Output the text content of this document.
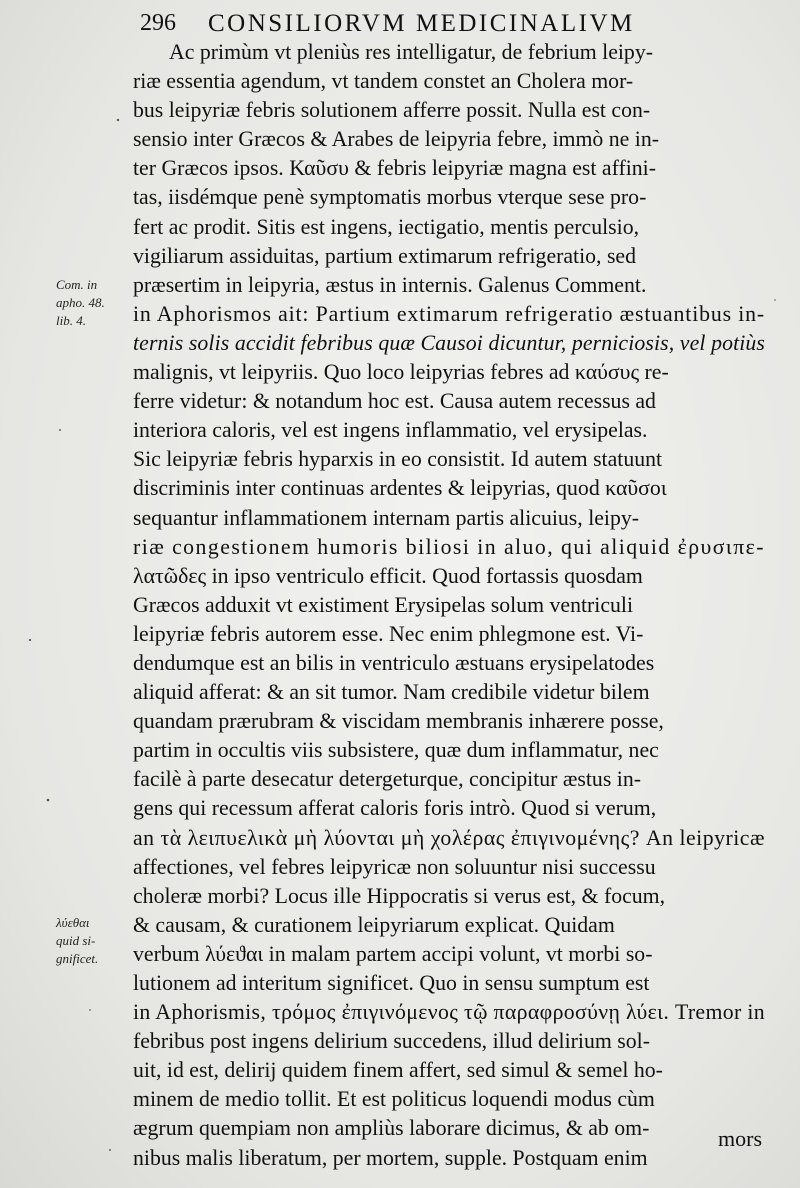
296 CONSILIORVM MEDICINALIVM
Com. in
apho. 48.
lib. 4.
λύεθαι
quid si-
gnificet.
Ac primùm vt pleniùs res intelligatur, de febrium leipy-
riæ essentia agendum, vt tandem constet an Cholera mor-
bus leipyriæ febris solutionem afferre possit. Nulla est con-
sensio inter Græcos & Arabes de leipyria febre, immò ne in-
ter Græcos ipsos. Καῦσυ & febris leipyriæ magna est affini-
tas, iisdémque penè symptomatis morbus vterque sese pro-
fert ac prodit. Sitis est ingens, iectigatio, mentis perculsio,
vigiliarum assiduitas, partium extimarum refrigeratio, sed
præsertim in leipyria, æstus in internis. Galenus Comment.
in Aphorismos ait: Partium extimarum refrigeratio æstuantibus in-
ternis solis accidit febribus quæ Causoi dicuntur, perniciosis, vel potiùs
malignis, vt leipyriis. Quo loco leipyrias febres ad καύσυς re-
ferre videtur: & notandum hoc est. Causa autem recessus ad
interiora caloris, vel est ingens inflammatio, vel erysipelas.
Sic leipyriæ febris hyparxis in eo consistit. Id autem statuunt
discriminis inter continuas ardentes & leipyrias, quod καῦσοι
sequantur inflammationem internam partis alicuius, leipy-
riæ congestionem humoris biliosi in aluo, qui aliquid ἐρυσιπε-
λατῶδες in ipso ventriculo efficit. Quod fortassis quosdam
Græcos adduxit vt existiment Erysipelas solum ventriculi
leipyriæ febris autorem esse. Nec enim phlegmone est. Vi-
dendumque est an bilis in ventriculo æstuans erysipelatodes
aliquid afferat: & an sit tumor. Nam credibile videtur bilem
quandam prærubram & viscidam membranis inhærere posse,
partim in occultis viis subsistere, quæ dum inflammatur, nec
facilè à parte desecatur detergeturque, concipitur æstus in-
gens qui recessum afferat caloris foris intrò. Quod si verum,
an τὰ λειπυελικὰ μὴ λύονται μὴ χολέρας ἐπιγινομένης? An leipyricæ
affectiones, vel febres leipyricæ non soluuntur nisi successu
choleræ morbi? Locus ille Hippocratis si verus est, & focum,
& causam, & curationem leipyriarum explicat. Quidam
verbum λύεϑαι in malam partem accipi volunt, vt morbi so-
lutionem ad interitum significet. Quo in sensu sumptum est
in Aphorismis, τρόμος ἐπιγινόμενος τῷ παραφροσύνῃ λύει. Tremor in
febribus post ingens delirium succedens, illud delirium sol-
uit, id est, delirij quidem finem affert, sed simul & semel ho-
minem de medio tollit. Et est politicus loquendi modus cùm
ægrum quempiam non ampliùs laborare dicimus, & ab om-
nibus malis liberatum, per mortem, supple. Postquam enim
mors
